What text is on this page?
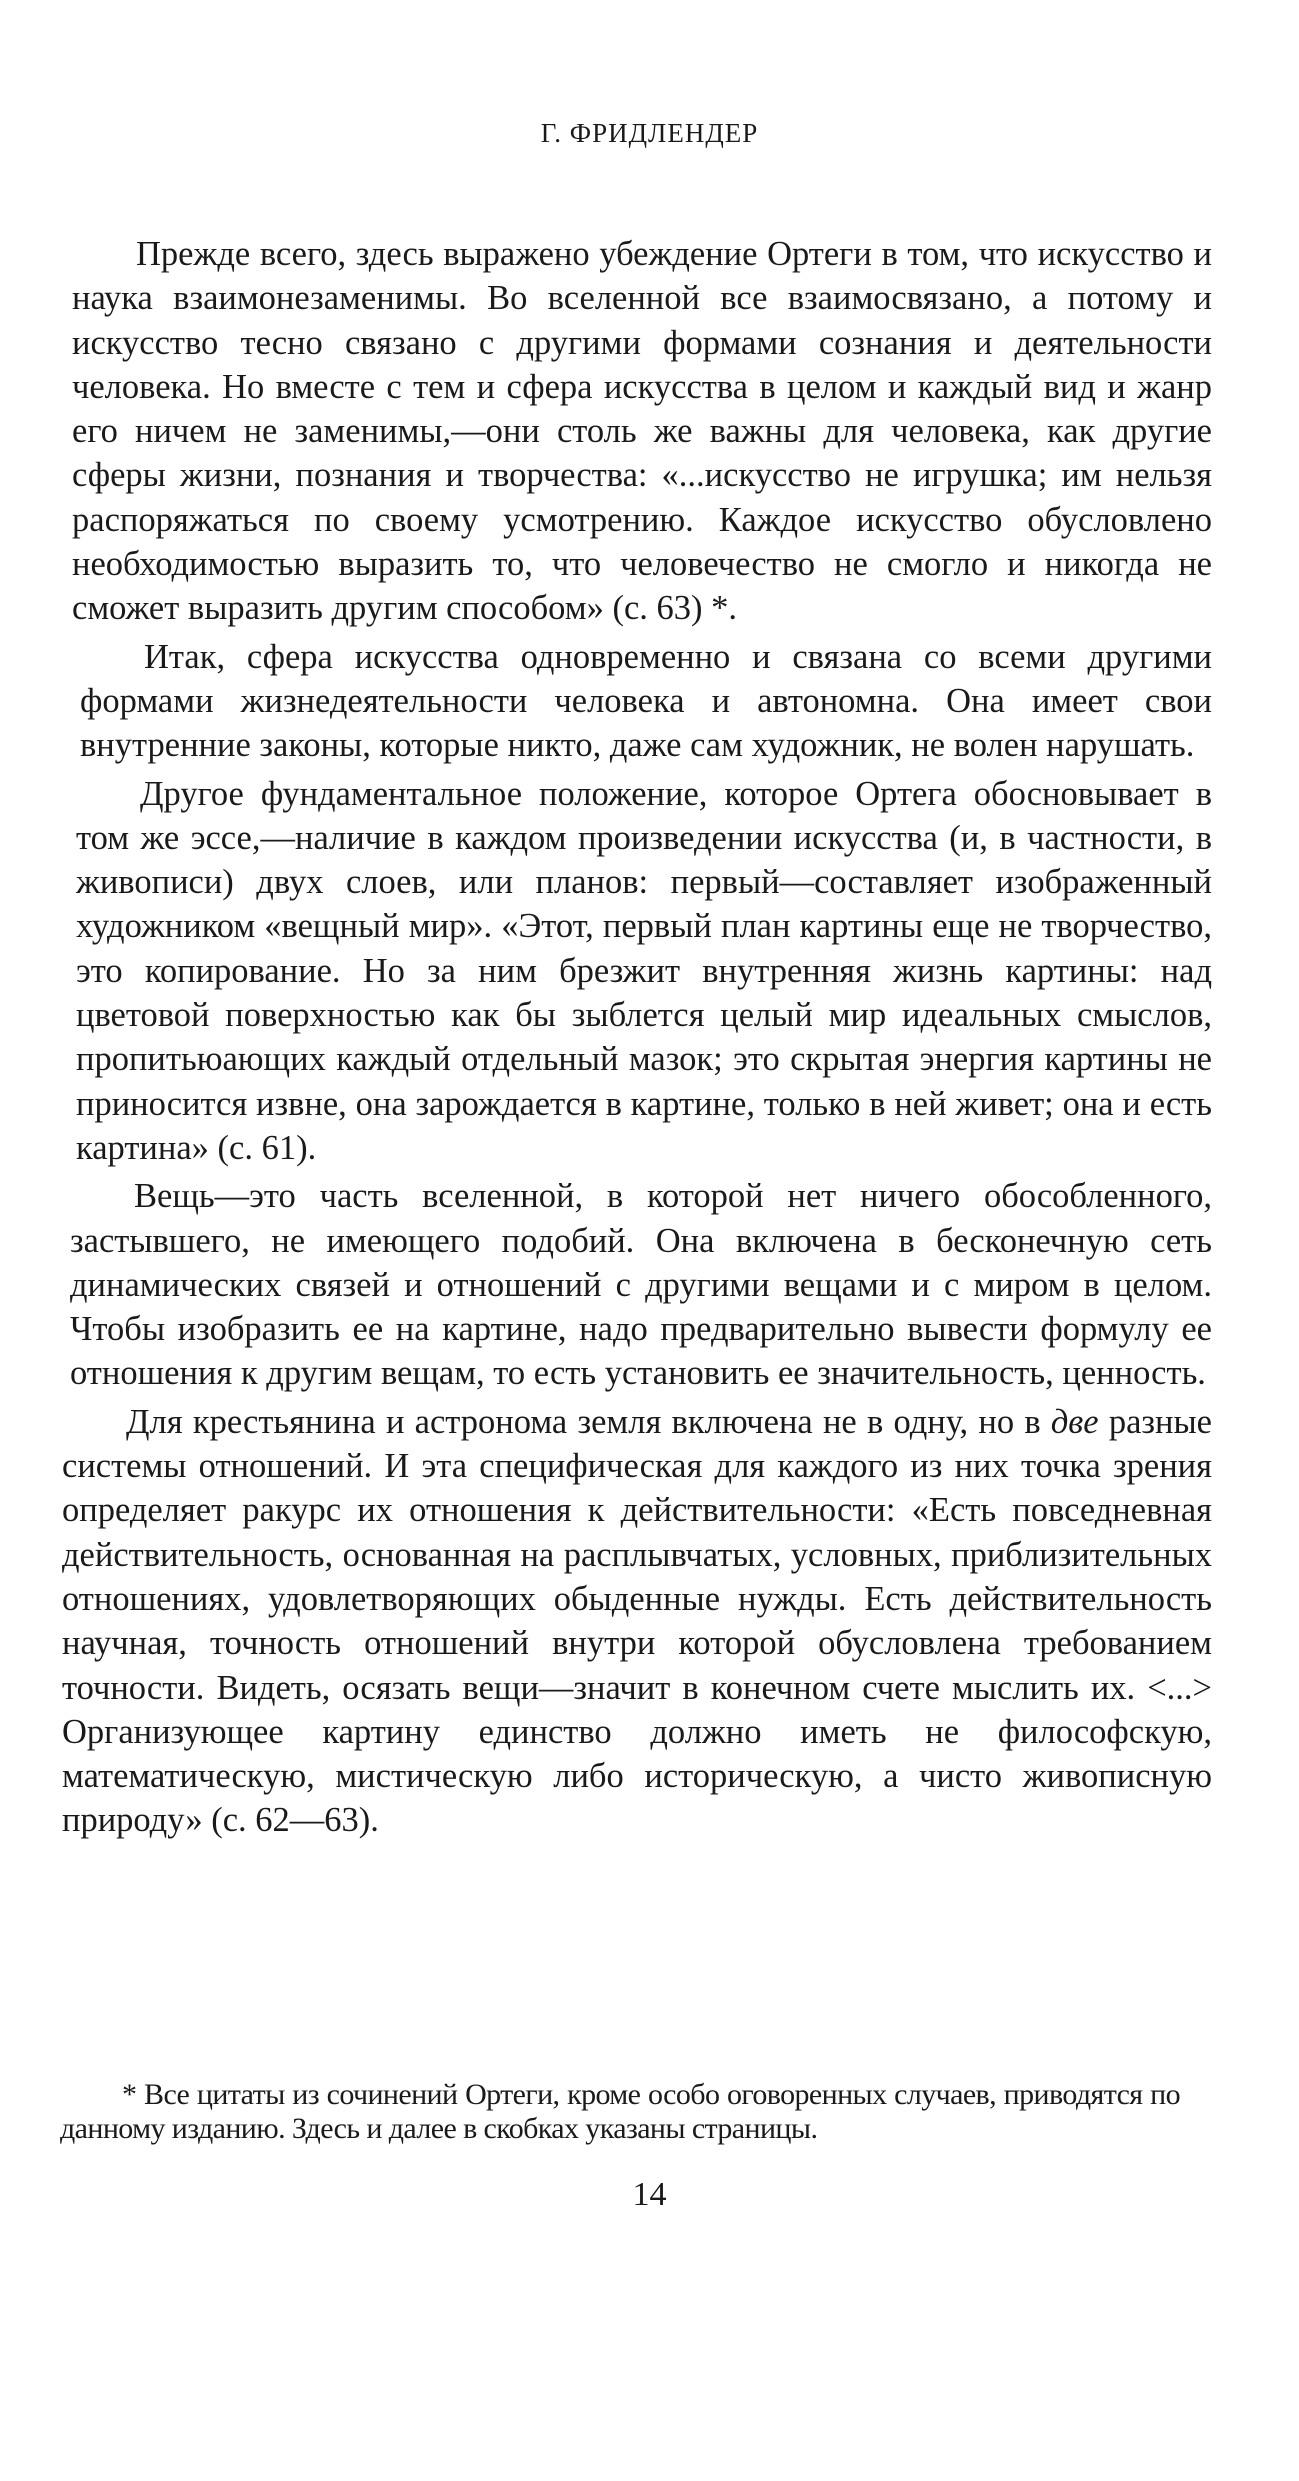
Г. ФРИДЛЕНДЕР

Прежде всего, здесь выражено убеждение Ортеги в том, что искусство и наука взаимонезаменимы. Во вселенной все взаимосвязано, а потому и искусство тесно связано с другими формами сознания и деятельности человека. Но вместе с тем и сфера искусства в целом и каждый вид и жанр его ничем не заменимы,—они столь же важны для человека, как другие сферы жизни, познания и творчества: «...искусство не игрушка; им нельзя распоряжаться по своему усмотрению. Каждое искусство обусловлено необходимостью выразить то, что человечество не смогло и никогда не сможет выразить другим способом» (с. 63) *.

Итак, сфера искусства одновременно и связана со всеми другими формами жизнедеятельности человека и автономна. Она имеет свои внутренние законы, которые никто, даже сам художник, не волен нарушать.

Другое фундаментальное положение, которое Ортега обосновывает в том же эссе,—наличие в каждом произведении искусства (и, в частности, в живописи) двух слоев, или планов: первый—составляет изображенный художником «вещный мир». «Этот, первый план картины еще не творчество, это копирование. Но за ним брезжит внутренняя жизнь картины: над цветовой поверхностью как бы зыблется целый мир идеальных смыслов, пропитьюающих каждый отдельный мазок; это скрытая энергия картины не приносится извне, она зарождается в картине, только в ней живет; она и есть картина» (с. 61).

Вещь—это часть вселенной, в которой нет ничего обособленного, застывшего, не имеющего подобий. Она включена в бесконечную сеть динамических связей и отношений с другими вещами и с миром в целом. Чтобы изобразить ее на картине, надо предварительно вывести формулу ее отношения к другим вещам, то есть установить ее значительность, ценность.

Для крестьянина и астронома земля включена не в одну, но в две разные системы отношений. И эта специфическая для каждого из них точка зрения определяет ракурс их отношения к действительности: «Есть повседневная действительность, основанная на расплывчатых, условных, приблизительных отношениях, удовлетворяющих обыденные нужды. Есть действительность научная, точность отношений внутри которой обусловлена требованием точности. Видеть, осязать вещи—значит в конечном счете мыслить их. <...> Организующее картину единство должно иметь не философскую, математическую, мистическую либо историческую, а чисто живописную природу» (с. 62—63).

* Все цитаты из сочинений Ортеги, кроме особо оговоренных случаев, приводятся по данному изданию. Здесь и далее в скобках указаны страницы.
14
